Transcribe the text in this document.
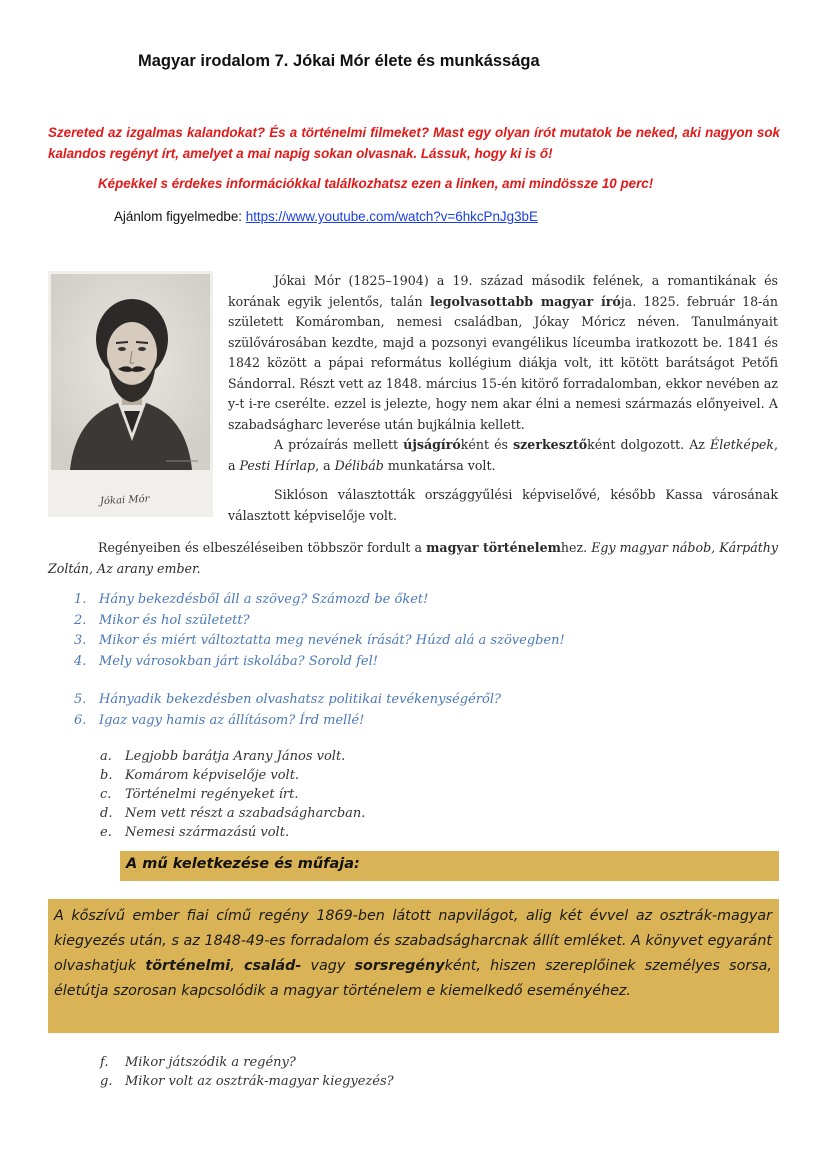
Magyar irodalom 7. Jókai Mór élete és munkássága
Szereted az izgalmas kalandokat? És a történelmi filmeket? Mast egy olyan írót mutatok be neked, aki nagyon sok kalandos regényt írt, amelyet a mai napig sokan olvasnak. Lássuk, hogy ki is ő!
Képekkel s érdekes információkkal találkozhatsz ezen a linken, ami mindössze 10 perc!
Ajánlom figyelmedbe: https://www.youtube.com/watch?v=6hkcPnJg3bE
Jókai Mór

Jókai Mór (1825–1904) a 19. század második felének, a romantikának és korának egyik jelentős, talán legolvasottabb magyar írója. 1825. február 18-án született Komáromban, nemesi családban, Jókay Móricz néven. Tanulmányait szülővárosában kezdte, majd a pozsonyi evangélikus líceumba iratkozott be. 1841 és 1842 között a pápai református kollégium diákja volt, itt kötött barátságot Petőfi Sándorral. Részt vett az 1848. március 15-én kitörő forradalomban, ekkor nevében az y-t i-re cserélte. ezzel is jelezte, hogy nem akar élni a nemesi származás előnyeivel. A szabadságharc leverése után bujkálnia kellett.

A prózaírás mellett újságíróként és szerkesztőként dolgozott. Az Életképek, a Pesti Hírlap, a Délibáb munkatársa volt.

Siklóson választották országgyűlési képviselővé, később Kassa városának választott képviselője volt.

Regényeiben és elbeszéléseiben többször fordult a magyar történelemhez. Egy magyar nábob, Kárpáthy Zoltán, Az arany ember.
1. Hány bekezdésből áll a szöveg? Számozd be őket!
2. Mikor és hol született?
3. Mikor és miért változtatta meg nevének írását? Húzd alá a szövegben!
4. Mely városokban járt iskolába? Sorold fel!
5. Hányadik bekezdésben olvashatsz politikai tevékenységéről?
6. Igaz vagy hamis az állításom? Írd mellé!
a. Legjobb barátja Arany János volt.
b. Komárom képviselője volt.
c. Történelmi regényeket írt.
d. Nem vett részt a szabadságharcban.
e. Nemesi származású volt.
A mű keletkezése és műfaja:

A kőszívű ember fiai című regény 1869-ben látott napvilágot, alig két évvel az osztrák-magyar kiegyezés után, s az 1848-49-es forradalom és szabadságharcnak állít emléket. A könyvet egyaránt olvashatjuk történelmi, család- vagy sorsregényként, hiszen szereplőinek személyes sorsa, életútja szorosan kapcsolódik a magyar történelem e kiemelkedő eseményéhez.

f. Mikor játszódik a regény?
g. Mikor volt az osztrák-magyar kiegyezés?
